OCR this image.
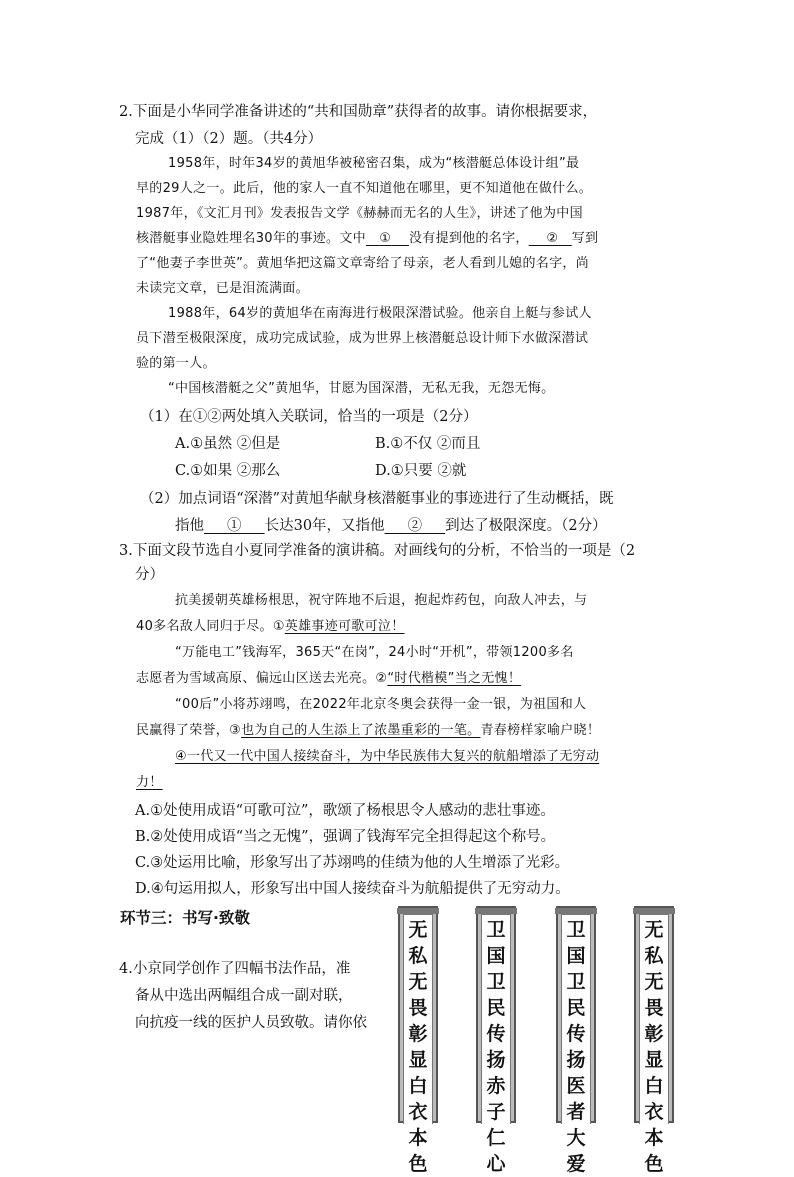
2.下面是小华同学准备讲述的“共和国勋章”获得者的故事。请你根据要求，
完成（1）（2）题。（共4分）
1958年，时年34岁的黄旭华被秘密召集，成为“核潜艇总体设计组”最
早的29人之一。此后，他的家人一直不知道他在哪里，更不知道他在做什么。
1987年，《文汇月刊》发表报告文学《赫赫而无名的人生》，讲述了他为中国
核潜艇事业隐姓埋名30年的事迹。文中 ① 没有提到他的名字， ② 写到
了“他妻子李世英”。黄旭华把这篇文章寄给了母亲，老人看到儿媳的名字，尚
未读完文章，已是泪流满面。
1988年，64岁的黄旭华在南海进行极限深潜试验。他亲自上艇与参试人
员下潜至极限深度，成功完成试验，成为世界上核潜艇总设计师下水做深潜试
验的第一人。
“中国核潜艇之父”黄旭华，甘愿为国深潜，无私无我，无怨无悔。
（1）在①②两处填入关联词，恰当的一项是（2分）
A.①虽然 ②但是	B.①不仅 ②而且
C.①如果 ②那么	D.①只要 ②就
（2）加点词语“深潜”对黄旭华献身核潜艇事业的事迹进行了生动概括，既
指他 ① 长达30年，又指他 ② 到达了极限深度。（2分）
3.下面文段节选自小夏同学准备的演讲稿。对画线句的分析，不恰当的一项是（2
分）
抗美援朝英雄杨根思，祝守阵地不后退，抱起炸药包，向敌人冲去，与
40多名敌人同归于尽。①英雄事迹可歌可泣！
“万能电工”钱海军，365天“在岗”，24小时“开机”，带领1200多名
志愿者为雪域高原、偏远山区送去光亮。②“时代楷模”当之无愧！
“00后”小将苏翊鸣，在2022年北京冬奥会获得一金一银，为祖国和人
民赢得了荣誉，③也为自己的人生添上了浓墨重彩的一笔。青春榜样家喻户晓！
④一代又一代中国人接续奋斗，为中华民族伟大复兴的航船增添了无穷动
力！
A.①处使用成语“可歌可泣”，歌颂了杨根思令人感动的悲壮事迹。
B.②处使用成语“当之无愧”，强调了钱海军完全担得起这个称号。
C.③处运用比喻，形象写出了苏翊鸣的佳绩为他的人生增添了光彩。
D.④句运用拟人，形象写出中国人接续奋斗为航船提供了无穷动力。
环节三：书写·致敬
4.小京同学创作了四幅书法作品，准
备从中选出两幅组合成一副对联，
向抗疫一线的医护人员致敬。请你依
无
私
无
畏
彰
显
白
衣
本
色
卫
国
卫
民
传
扬
赤
子
仁
心
卫
国
卫
民
传
扬
医
者
大
爱
无
私
无
畏
彰
显
白
衣
本
色
